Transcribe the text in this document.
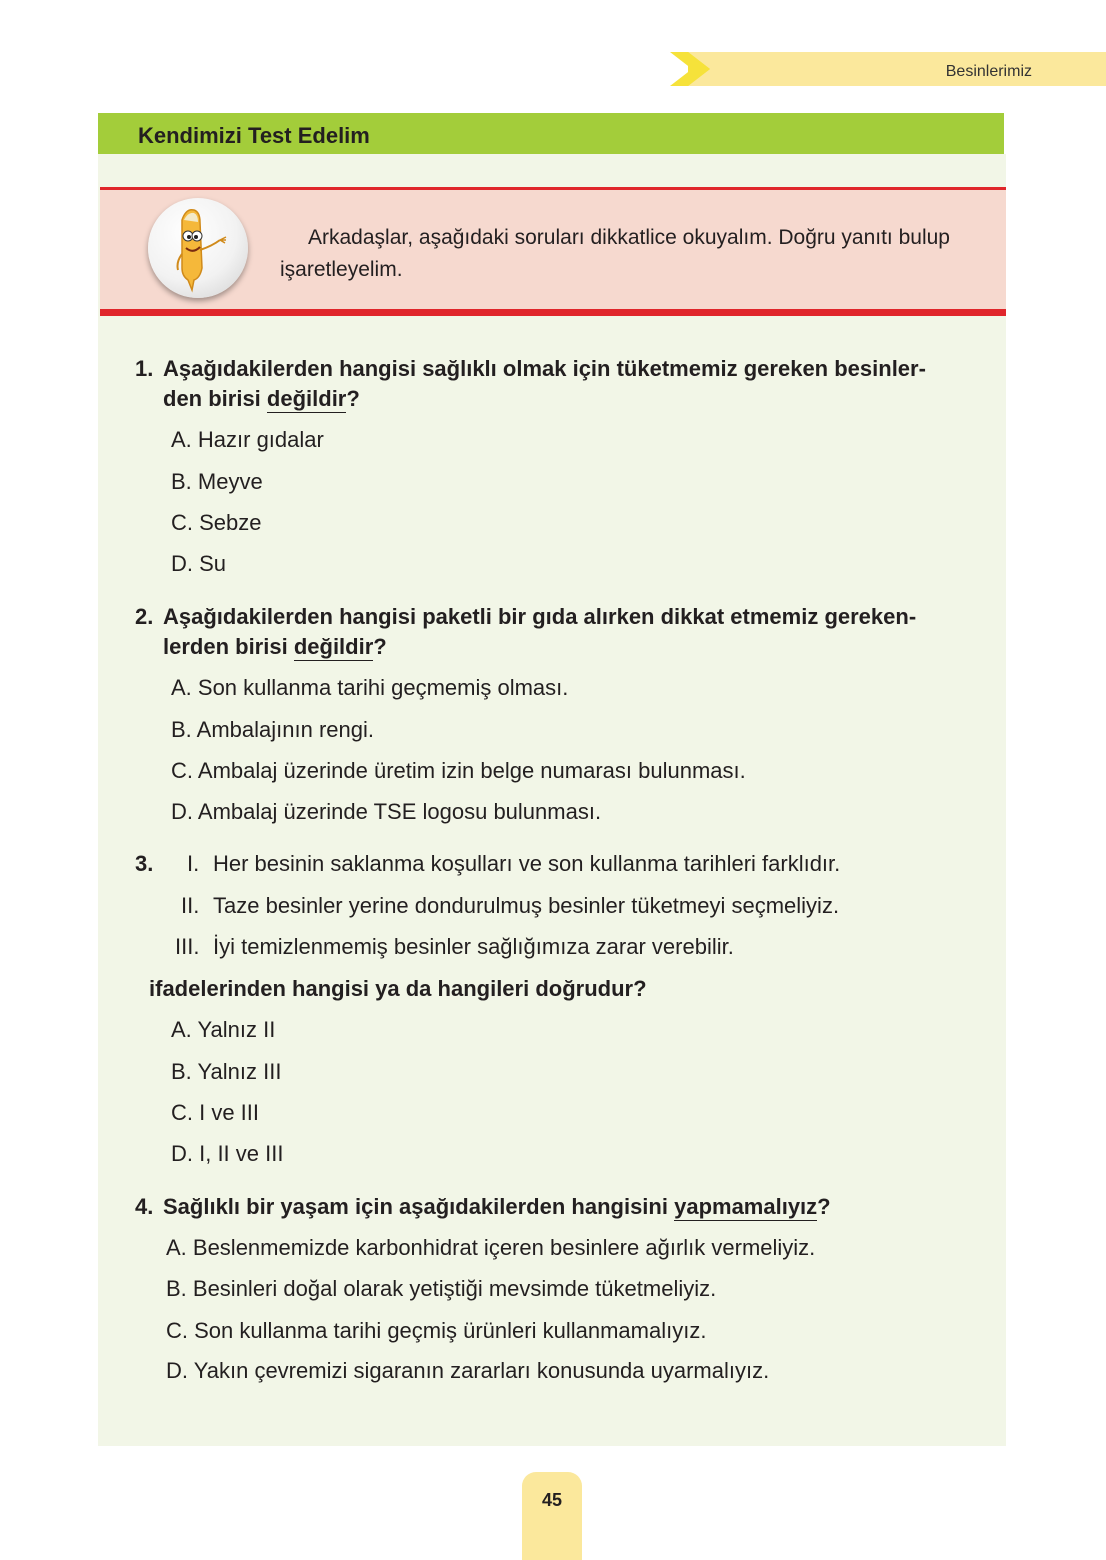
Besinlerimiz
Kendimizi Test Edelim
Arkadaşlar, aşağıdaki soruları dikkatlice okuyalım. Doğru yanıtı bulup işaretleyelim.
1. Aşağıdakilerden hangisi sağlıklı olmak için tüketmemiz gereken besinler-
den birisi değildir?
A. Hazır gıdalar
B. Meyve
C. Sebze
D. Su
2. Aşağıdakilerden hangisi paketli bir gıda alırken dikkat etmemiz gereken-
lerden birisi değildir?
A. Son kullanma tarihi geçmemiş olması.
B. Ambalajının rengi.
C. Ambalaj üzerinde üretim izin belge numarası bulunması.
D. Ambalaj üzerinde TSE logosu bulunması.
3. I. Her besinin saklanma koşulları ve son kullanma tarihleri farklıdır.
II. Taze besinler yerine dondurulmuş besinler tüketmeyi seçmeliyiz.
III. İyi temizlenmemiş besinler sağlığımıza zarar verebilir.
ifadelerinden hangisi ya da hangileri doğrudur?
A. Yalnız II
B. Yalnız III
C. I ve III
D. I, II ve III
4. Sağlıklı bir yaşam için aşağıdakilerden hangisini yapmamalıyız?
A. Beslenmemizde karbonhidrat içeren besinlere ağırlık vermeliyiz.
B. Besinleri doğal olarak yetiştiği mevsimde tüketmeliyiz.
C. Son kullanma tarihi geçmiş ürünleri kullanmamalıyız.
D. Yakın çevremizi sigaranın zararları konusunda uyarmalıyız.
45
